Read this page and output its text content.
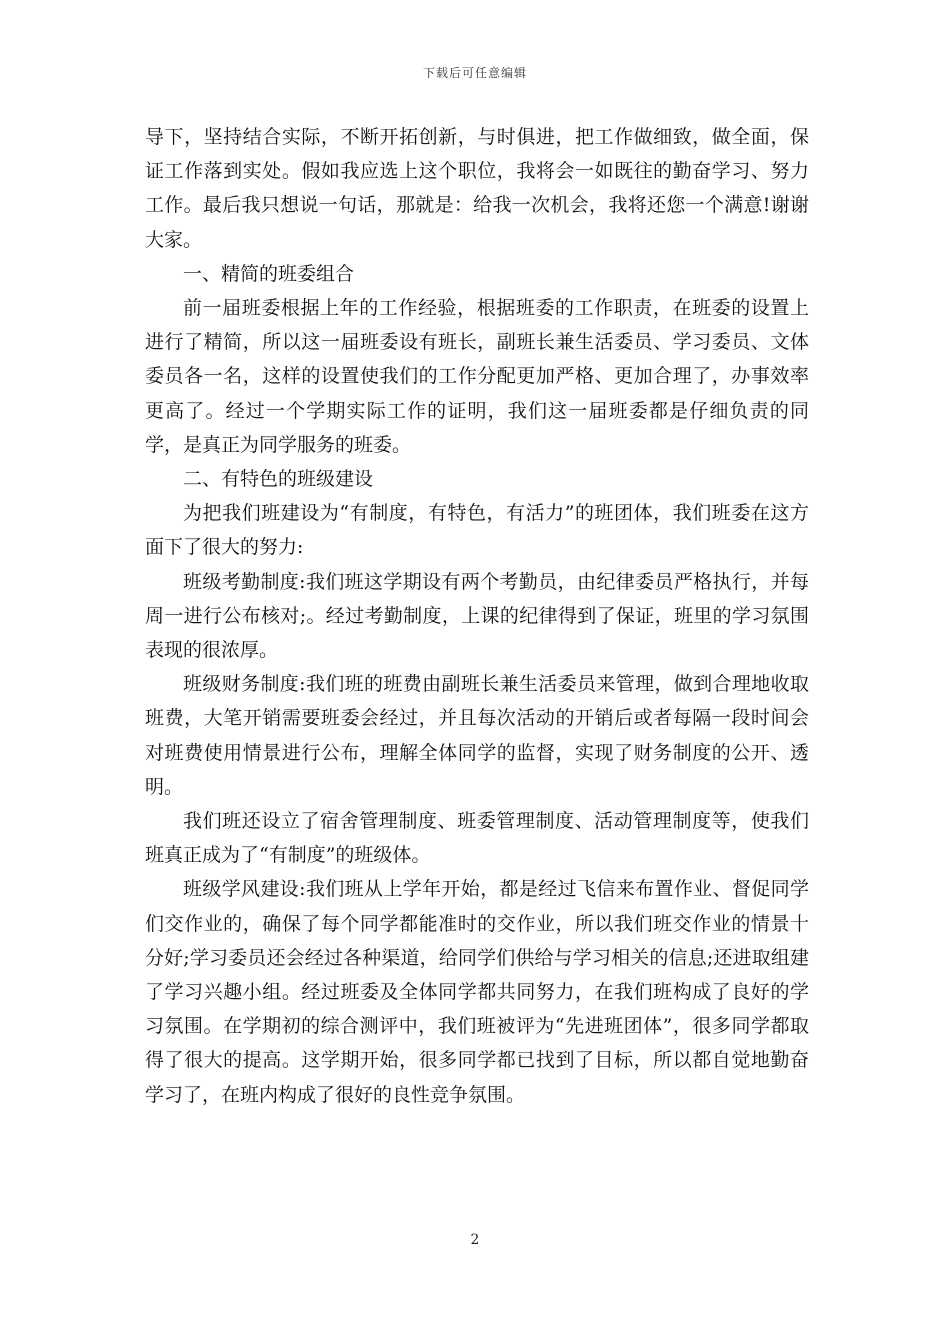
下载后可任意编辑

导下，坚持结合实际，不断开拓创新，与时俱进，把工作做细致，做全面，保证工作落到实处。假如我应选上这个职位，我将会一如既往的勤奋学习、努力工作。最后我只想说一句话，那就是：给我一次机会，我将还您一个满意!谢谢大家。

一、精简的班委组合

前一届班委根据上年的工作经验，根据班委的工作职责，在班委的设置上进行了精简，所以这一届班委设有班长，副班长兼生活委员、学习委员、文体委员各一名，这样的设置使我们的工作分配更加严格、更加合理了，办事效率更高了。经过一个学期实际工作的证明，我们这一届班委都是仔细负责的同学，是真正为同学服务的班委。

二、有特色的班级建设

为把我们班建设为“有制度，有特色，有活力”的班团体，我们班委在这方面下了很大的努力:

班级考勤制度:我们班这学期设有两个考勤员，由纪律委员严格执行，并每周一进行公布核对;。经过考勤制度，上课的纪律得到了保证，班里的学习氛围表现的很浓厚。

班级财务制度:我们班的班费由副班长兼生活委员来管理，做到合理地收取班费，大笔开销需要班委会经过，并且每次活动的开销后或者每隔一段时间会对班费使用情景进行公布，理解全体同学的监督，实现了财务制度的公开、透明。

我们班还设立了宿舍管理制度、班委管理制度、活动管理制度等，使我们班真正成为了“有制度”的班级体。

班级学风建设:我们班从上学年开始，都是经过飞信来布置作业、督促同学们交作业的，确保了每个同学都能准时的交作业，所以我们班交作业的情景十分好;学习委员还会经过各种渠道，给同学们供给与学习相关的信息;还进取组建了学习兴趣小组。经过班委及全体同学都共同努力，在我们班构成了良好的学习氛围。在学期初的综合测评中，我们班被评为“先进班团体”，很多同学都取得了很大的提高。这学期开始，很多同学都已找到了目标，所以都自觉地勤奋学习了，在班内构成了很好的良性竞争氛围。

2
